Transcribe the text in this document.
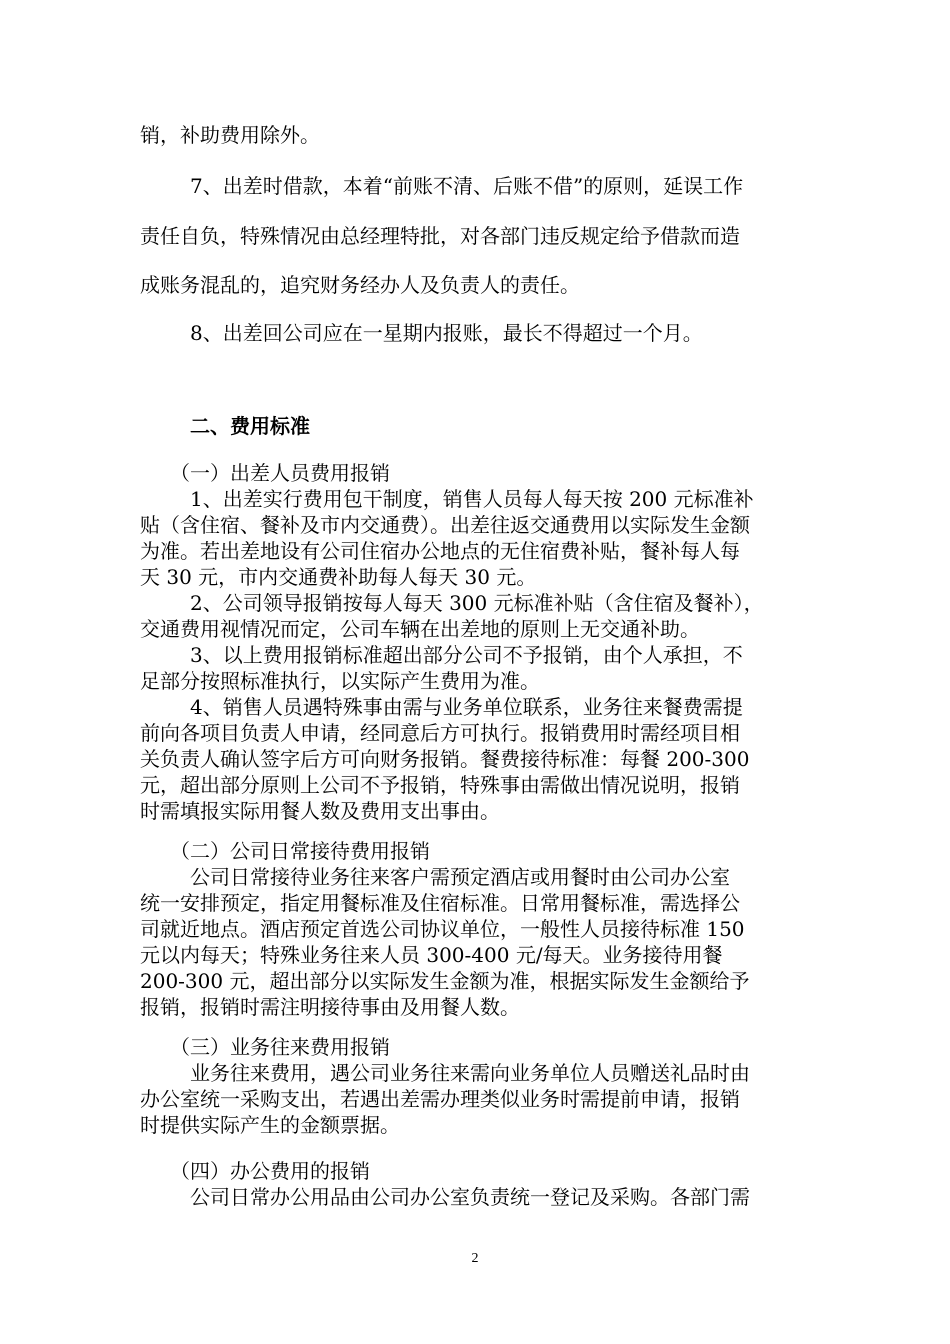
销，补助费用除外。

7、出差时借款，本着“前账不清、后账不借”的原则，延误工作

责任自负，特殊情况由总经理特批，对各部门违反规定给予借款而造

成账务混乱的，追究财务经办人及负责人的责任。

8、出差回公司应在一星期内报账，最长不得超过一个月。

二、费用标准

（一）出差人员费用报销

1、出差实行费用包干制度，销售人员每人每天按 200 元标准补

贴（含住宿、餐补及市内交通费）。出差往返交通费用以实际发生金额

为准。若出差地设有公司住宿办公地点的无住宿费补贴，餐补每人每

天 30 元，市内交通费补助每人每天 30 元。

2、公司领导报销按每人每天 300 元标准补贴（含住宿及餐补），

交通费用视情况而定，公司车辆在出差地的原则上无交通补助。

3、以上费用报销标准超出部分公司不予报销，由个人承担，不

足部分按照标准执行，以实际产生费用为准。

4、销售人员遇特殊事由需与业务单位联系，业务往来餐费需提

前向各项目负责人申请，经同意后方可执行。报销费用时需经项目相

关负责人确认签字后方可向财务报销。餐费接待标准：每餐 200-300

元，超出部分原则上公司不予报销，特殊事由需做出情况说明，报销

时需填报实际用餐人数及费用支出事由。

（二）公司日常接待费用报销

公司日常接待业务往来客户需预定酒店或用餐时由公司办公室

统一安排预定，指定用餐标准及住宿标准。日常用餐标准，需选择公

司就近地点。酒店预定首选公司协议单位，一般性人员接待标准 150

元以内每天；特殊业务往来人员 300-400 元/每天。业务接待用餐

200-300 元，超出部分以实际发生金额为准，根据实际发生金额给予

报销，报销时需注明接待事由及用餐人数。

（三）业务往来费用报销

业务往来费用，遇公司业务往来需向业务单位人员赠送礼品时由

办公室统一采购支出，若遇出差需办理类似业务时需提前申请，报销

时提供实际产生的金额票据。

（四）办公费用的报销

公司日常办公用品由公司办公室负责统一登记及采购。各部门需

2
